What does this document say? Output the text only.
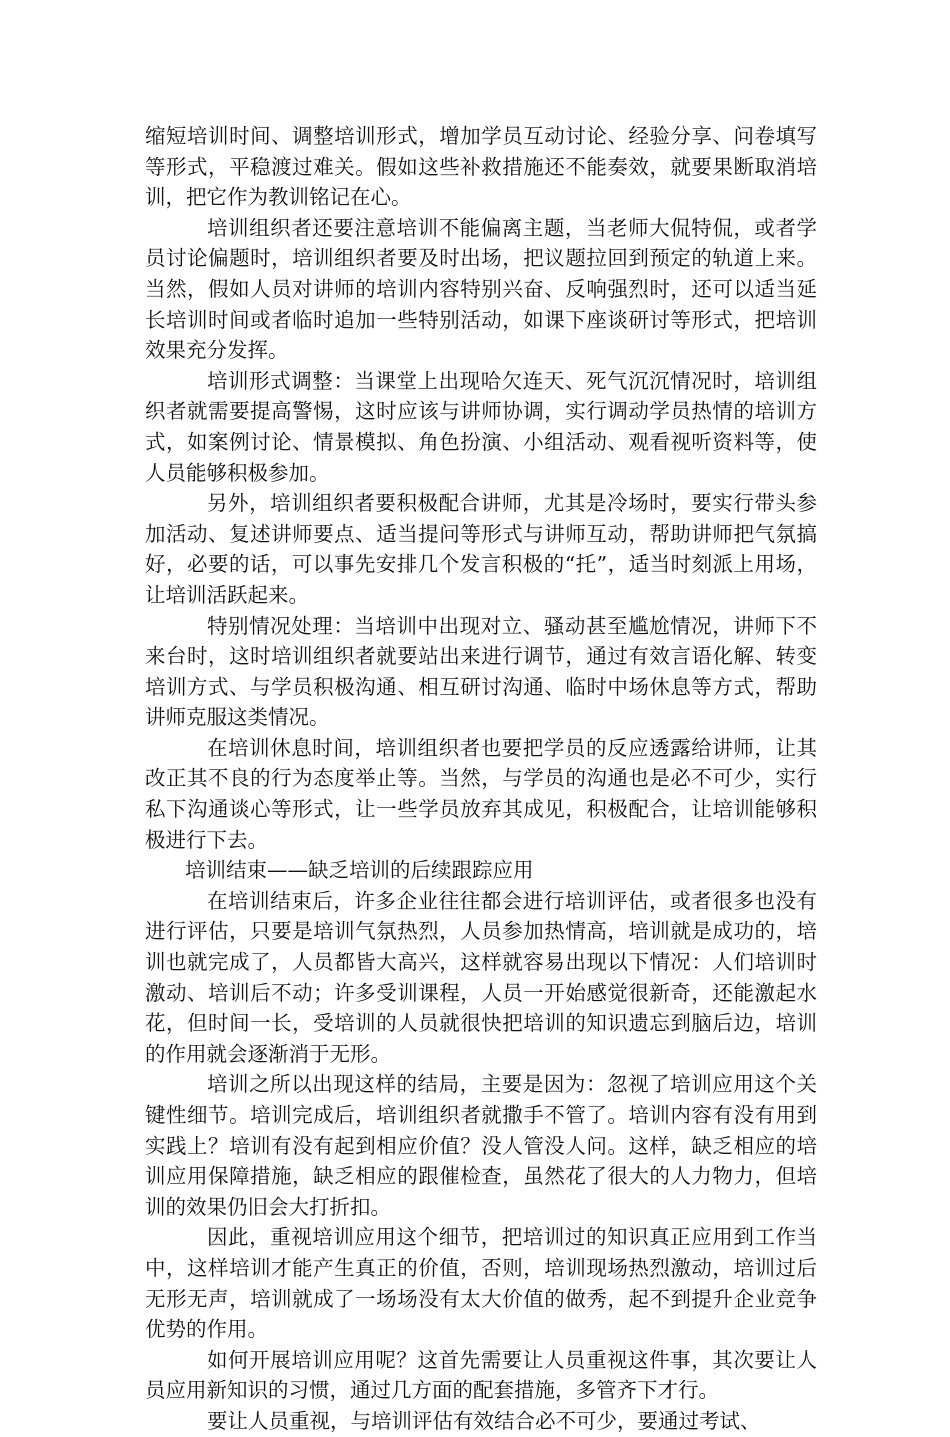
缩短培训时间、调整培训形式，增加学员互动讨论、经验分享、问卷填写等形式，平稳渡过难关。假如这些补救措施还不能奏效，就要果断取消培训，把它作为教训铭记在心。

培训组织者还要注意培训不能偏离主题，当老师大侃特侃，或者学员讨论偏题时，培训组织者要及时出场，把议题拉回到预定的轨道上来。当然，假如人员对讲师的培训内容特别兴奋、反响强烈时，还可以适当延长培训时间或者临时追加一些特别活动，如课下座谈研讨等形式，把培训效果充分发挥。

培训形式调整：当课堂上出现哈欠连天、死气沉沉情况时，培训组织者就需要提高警惕，这时应该与讲师协调，实行调动学员热情的培训方式，如案例讨论、情景模拟、角色扮演、小组活动、观看视听资料等，使人员能够积极参加。

另外，培训组织者要积极配合讲师，尤其是冷场时，要实行带头参加活动、复述讲师要点、适当提问等形式与讲师互动，帮助讲师把气氛搞好，必要的话，可以事先安排几个发言积极的“托”，适当时刻派上用场，让培训活跃起来。

特别情况处理：当培训中出现对立、骚动甚至尴尬情况，讲师下不来台时，这时培训组织者就要站出来进行调节，通过有效言语化解、转变培训方式、与学员积极沟通、相互研讨沟通、临时中场休息等方式，帮助讲师克服这类情况。

在培训休息时间，培训组织者也要把学员的反应透露给讲师，让其改正其不良的行为态度举止等。当然，与学员的沟通也是必不可少，实行私下沟通谈心等形式，让一些学员放弃其成见，积极配合，让培训能够积极进行下去。

培训结束——缺乏培训的后续跟踪应用

在培训结束后，许多企业往往都会进行培训评估，或者很多也没有进行评估，只要是培训气氛热烈，人员参加热情高，培训就是成功的，培训也就完成了，人员都皆大高兴，这样就容易出现以下情况：人们培训时激动、培训后不动；许多受训课程，人员一开始感觉很新奇，还能激起水花，但时间一长，受培训的人员就很快把培训的知识遗忘到脑后边，培训的作用就会逐渐消于无形。

培训之所以出现这样的结局，主要是因为：忽视了培训应用这个关键性细节。培训完成后，培训组织者就撒手不管了。培训内容有没有用到实践上？培训有没有起到相应价值？没人管没人问。这样，缺乏相应的培训应用保障措施，缺乏相应的跟催检查，虽然花了很大的人力物力，但培训的效果仍旧会大打折扣。

因此，重视培训应用这个细节，把培训过的知识真正应用到工作当中，这样培训才能产生真正的价值，否则，培训现场热烈激动，培训过后无形无声，培训就成了一场场没有太大价值的做秀，起不到提升企业竞争优势的作用。

如何开展培训应用呢？这首先需要让人员重视这件事，其次要让人员应用新知识的习惯，通过几方面的配套措施，多管齐下才行。

要让人员重视，与培训评估有效结合必不可少，要通过考试、
